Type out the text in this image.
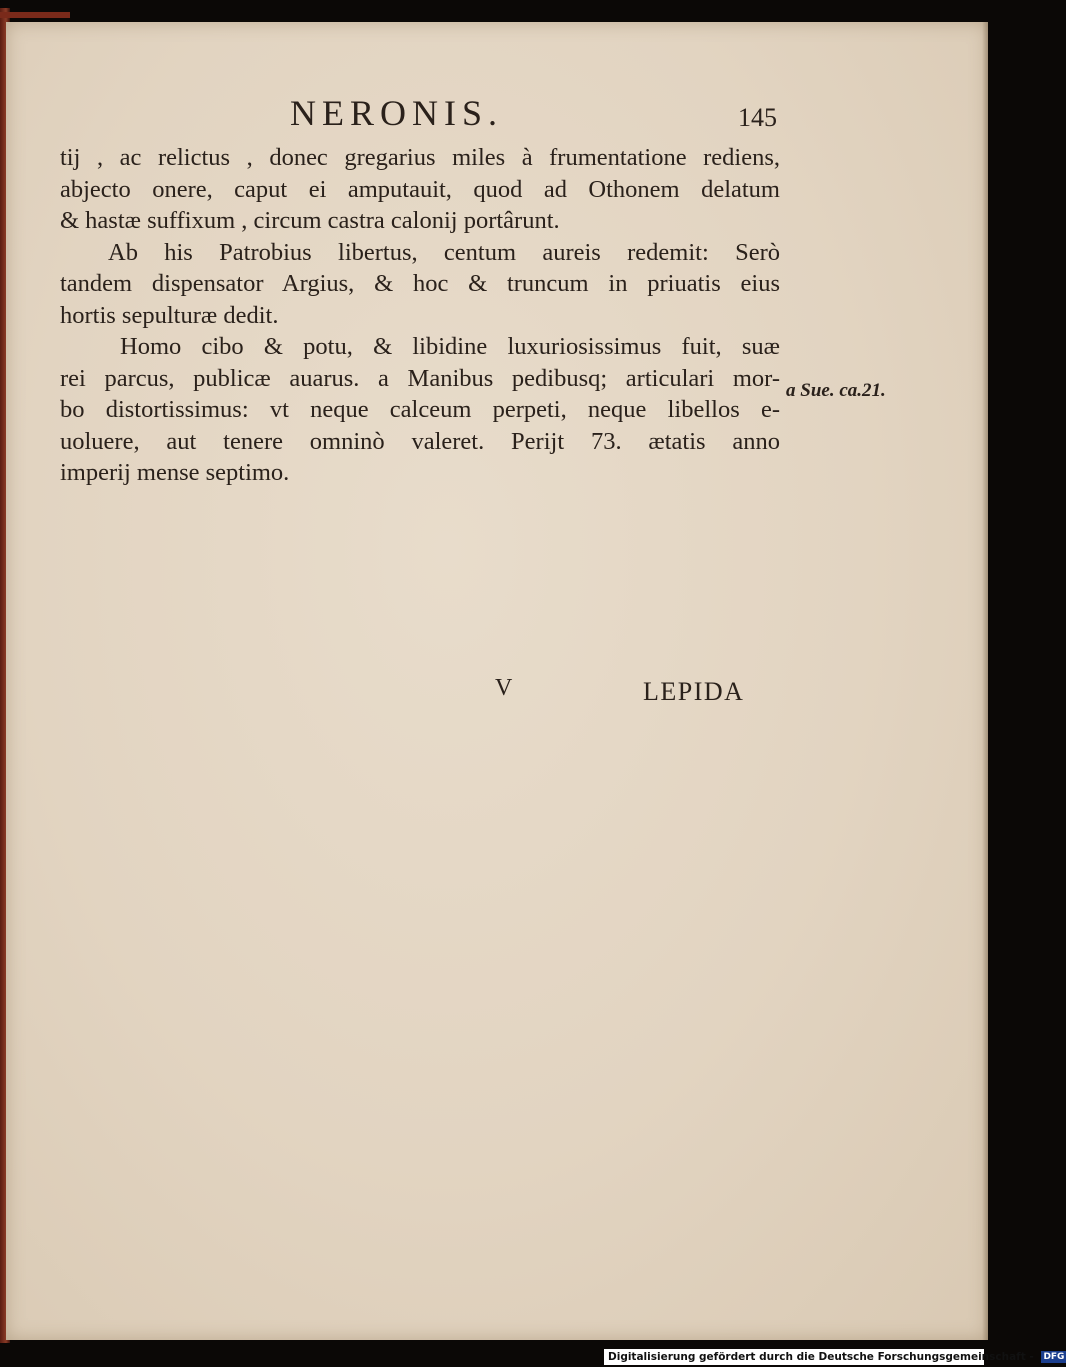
NERONIS.	145
tij , ac relictus , donec gregarius miles à frumentatione rediens,
abjecto onere, caput ei amputauit, quod ad Othonem delatum
& hastæ suffixum , circum castra calonij portârunt.
Ab his Patrobius libertus, centum aureis redemit: Serò
tandem dispensator Argius, & hoc & truncum in priuatis eius
hortis sepulturæ dedit.
Homo cibo & potu, & libidine luxuriosissimus fuit, suæ
rei parcus, publicæ auarus. a Manibus pedibusq; articulari mor-
bo distortissimus: vt neque calceum perpeti, neque libellos e-
uoluere, aut tenere omninò valeret. Perijt 73. ætatis anno
imperij mense septimo.
a Sue. ca.21.
V	LEPIDA
Digitalisierung gefördert durch die Deutsche Forschungsgemeinschaft - DFG
